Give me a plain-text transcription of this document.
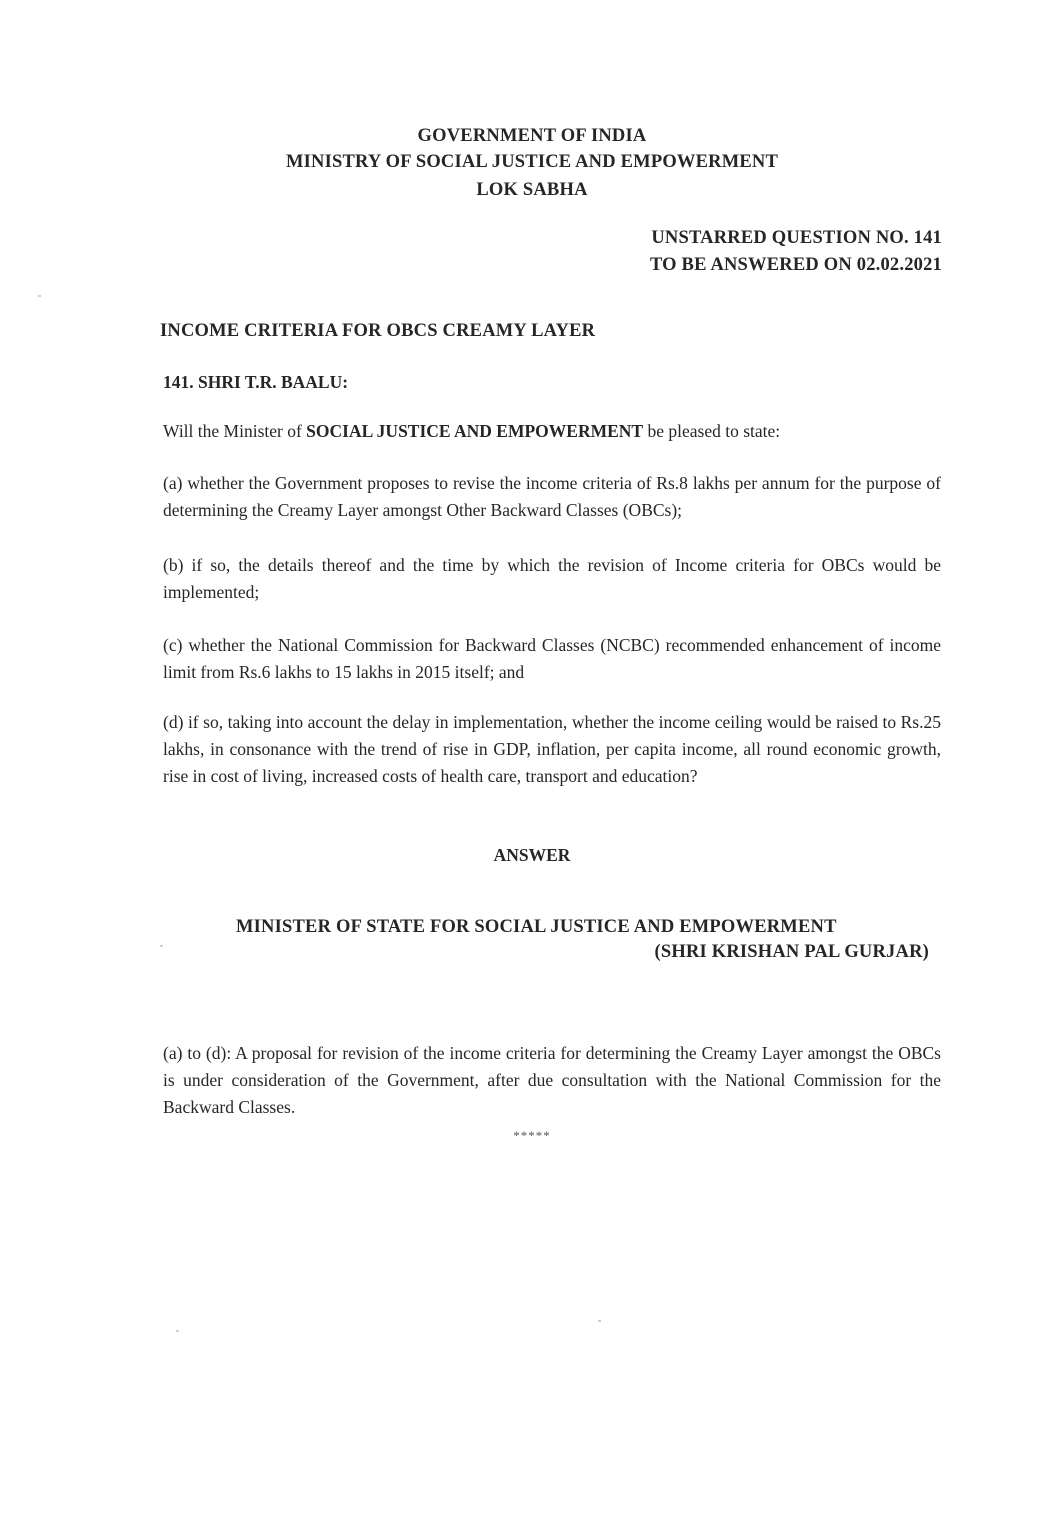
GOVERNMENT OF INDIA
MINISTRY OF SOCIAL JUSTICE AND EMPOWERMENT
LOK SABHA
UNSTARRED QUESTION NO. 141
TO BE ANSWERED ON 02.02.2021
INCOME CRITERIA FOR OBCS CREAMY LAYER
141. SHRI T.R. BAALU:
Will the Minister of SOCIAL JUSTICE AND EMPOWERMENT be pleased to state:
(a) whether the Government proposes to revise the income criteria of Rs.8 lakhs per annum for the purpose of determining the Creamy Layer amongst Other Backward Classes (OBCs);
(b) if so, the details thereof and the time by which the revision of Income criteria for OBCs would be implemented;
(c) whether the National Commission for Backward Classes (NCBC) recommended enhancement of income limit from Rs.6 lakhs to 15 lakhs in 2015 itself; and
(d) if so, taking into account the delay in implementation, whether the income ceiling would be raised to Rs.25 lakhs, in consonance with the trend of rise in GDP, inflation, per capita income, all round economic growth, rise in cost of living, increased costs of health care, transport and education?
ANSWER
MINISTER OF STATE FOR SOCIAL JUSTICE AND EMPOWERMENT
(SHRI KRISHAN PAL GURJAR)
(a) to (d): A proposal for revision of the income criteria for determining the Creamy Layer amongst the OBCs is under consideration of the Government, after due consultation with the National Commission for the Backward Classes.
*****
